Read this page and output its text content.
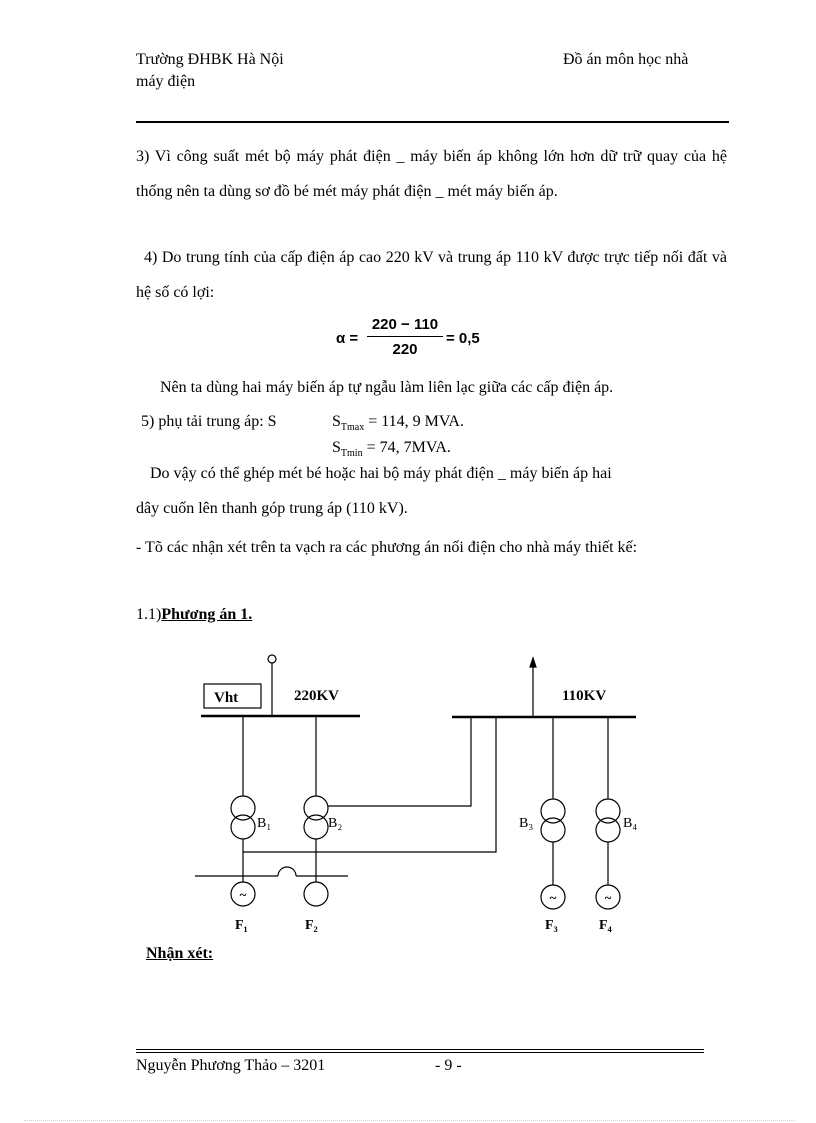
Trường ĐHBK Hà Nội
máy điện
Đồ án môn học nhà
3) Vì công suất mét bộ máy phát điện _ máy biến áp không lớn hơn dữ trữ quay của hệ thống nên ta dùng sơ đồ bé mét máy phát điện _ mét máy biến áp.
4) Do trung tính của cấp điện áp cao 220 kV và trung áp 110 kV được trực tiếp nối đất và hệ số có lợi:
α =
220 − 110
220
= 0,5
Nên ta dùng hai máy biến áp tự ngẫu làm liên lạc giữa các cấp điện áp.
5) phụ tải trung áp: S	$S_{Tmax} = 114$, 9 MVA.
$S_{Tmin} = 74$, 7MVA.
Do vậy có thể ghép mét bé hoặc hai bộ máy phát điện _ máy biến áp hai
dây cuốn lên thanh góp trung áp (110 kV).
- Tõ các nhận xét trên ta vạch ra các phương án nối điện cho nhà máy thiết kế:
1.1)Phương án 1.
Vht	220KV	110KV
B₁	B₂	B₃	B₄
~	~	~
F₁	F₂	F₃	F₄
Nhận xét:
Nguyễn Phương Thảo – 3201	- 9 -
